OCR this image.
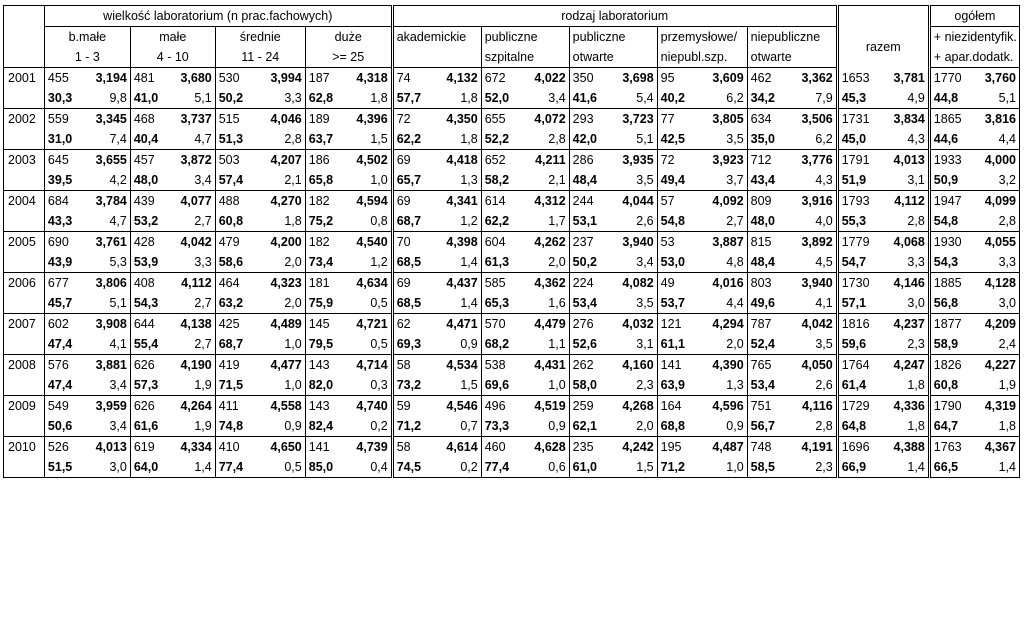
	wielkość laboratorium (n prac.fachowych)								rodzaj laboratorium												ogółem	
	b.małe		małe		średnie		duże		akademickie		publiczne		publiczne		przemysłowe/		niepubliczne		razem		+ niezidentyfik.	
	1 - 3		4 - 10		11 - 24		>= 25				szpitalne		otwarte		niepubl.szp.		otwarte				+ apar.dodatk.	
2001	455	3,194	481	3,680	530	3,994	187	4,318	74	4,132	672	4,022	350	3,698	95	3,609	462	3,362	1653	3,781	1770	3,760
	30,3	9,8	41,0	5,1	50,2	3,3	62,8	1,8	57,7	1,8	52,0	3,4	41,6	5,4	40,2	6,2	34,2	7,9	45,3	4,9	44,8	5,1
2002	559	3,345	468	3,737	515	4,046	189	4,396	72	4,350	655	4,072	293	3,723	77	3,805	634	3,506	1731	3,834	1865	3,816
	31,0	7,4	40,4	4,7	51,3	2,8	63,7	1,5	62,2	1,8	52,2	2,8	42,0	5,1	42,5	3,5	35,0	6,2	45,0	4,3	44,6	4,4
2003	645	3,655	457	3,872	503	4,207	186	4,502	69	4,418	652	4,211	286	3,935	72	3,923	712	3,776	1791	4,013	1933	4,000
	39,5	4,2	48,0	3,4	57,4	2,1	65,8	1,0	65,7	1,3	58,2	2,1	48,4	3,5	49,4	3,7	43,4	4,3	51,9	3,1	50,9	3,2
2004	684	3,784	439	4,077	488	4,270	182	4,594	69	4,341	614	4,312	244	4,044	57	4,092	809	3,916	1793	4,112	1947	4,099
	43,3	4,7	53,2	2,7	60,8	1,8	75,2	0,8	68,7	1,2	62,2	1,7	53,1	2,6	54,8	2,7	48,0	4,0	55,3	2,8	54,8	2,8
2005	690	3,761	428	4,042	479	4,200	182	4,540	70	4,398	604	4,262	237	3,940	53	3,887	815	3,892	1779	4,068	1930	4,055
	43,9	5,3	53,9	3,3	58,6	2,0	73,4	1,2	68,5	1,4	61,3	2,0	50,2	3,4	53,0	4,8	48,4	4,5	54,7	3,3	54,3	3,3
2006	677	3,806	408	4,112	464	4,323	181	4,634	69	4,437	585	4,362	224	4,082	49	4,016	803	3,940	1730	4,146	1885	4,128
	45,7	5,1	54,3	2,7	63,2	2,0	75,9	0,5	68,5	1,4	65,3	1,6	53,4	3,5	53,7	4,4	49,6	4,1	57,1	3,0	56,8	3,0
2007	602	3,908	644	4,138	425	4,489	145	4,721	62	4,471	570	4,479	276	4,032	121	4,294	787	4,042	1816	4,237	1877	4,209
	47,4	4,1	55,4	2,7	68,7	1,0	79,5	0,5	69,3	0,9	68,2	1,1	52,6	3,1	61,1	2,0	52,4	3,5	59,6	2,3	58,9	2,4
2008	576	3,881	626	4,190	419	4,477	143	4,714	58	4,534	538	4,431	262	4,160	141	4,390	765	4,050	1764	4,247	1826	4,227
	47,4	3,4	57,3	1,9	71,5	1,0	82,0	0,3	73,2	1,5	69,6	1,0	58,0	2,3	63,9	1,3	53,4	2,6	61,4	1,8	60,8	1,9
2009	549	3,959	626	4,264	411	4,558	143	4,740	59	4,546	496	4,519	259	4,268	164	4,596	751	4,116	1729	4,336	1790	4,319
	50,6	3,4	61,6	1,9	74,8	0,9	82,4	0,2	71,2	0,7	73,3	0,9	62,1	2,0	68,8	0,9	56,7	2,8	64,8	1,8	64,7	1,8
2010	526	4,013	619	4,334	410	4,650	141	4,739	58	4,614	460	4,628	235	4,242	195	4,487	748	4,191	1696	4,388	1763	4,367
	51,5	3,0	64,0	1,4	77,4	0,5	85,0	0,4	74,5	0,2	77,4	0,6	61,0	1,5	71,2	1,0	58,5	2,3	66,9	1,4	66,5	1,4
